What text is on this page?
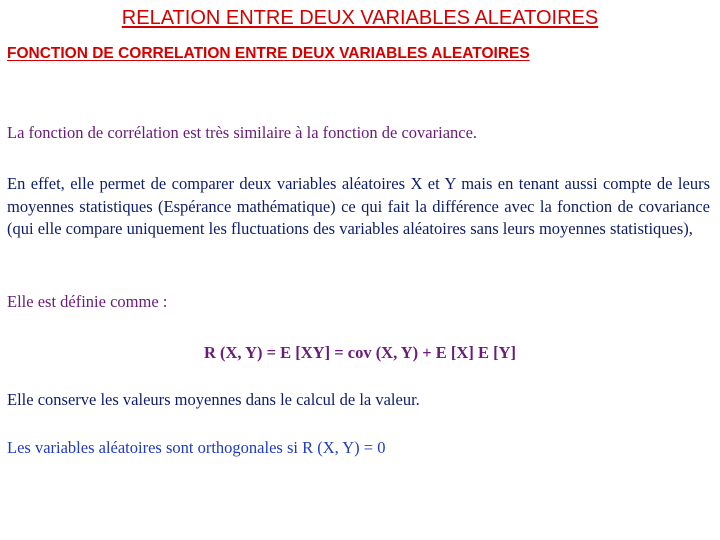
RELATION ENTRE DEUX VARIABLES ALEATOIRES
FONCTION DE CORRELATION ENTRE DEUX VARIABLES ALEATOIRES

La fonction de corrélation est très similaire à la fonction de covariance.

En effet, elle permet de comparer deux variables aléatoires X et Y mais en tenant aussi compte de leurs moyennes statistiques (Espérance mathématique) ce qui fait la différence avec la fonction de covariance (qui elle compare uniquement les fluctuations des variables aléatoires sans leurs moyennes statistiques),

Elle est définie comme :

R (X, Y) = E [XY] = cov (X, Y) + E [X] E [Y]

Elle conserve les valeurs moyennes dans le calcul de la valeur.

Les variables aléatoires sont orthogonales si R (X, Y) = 0
